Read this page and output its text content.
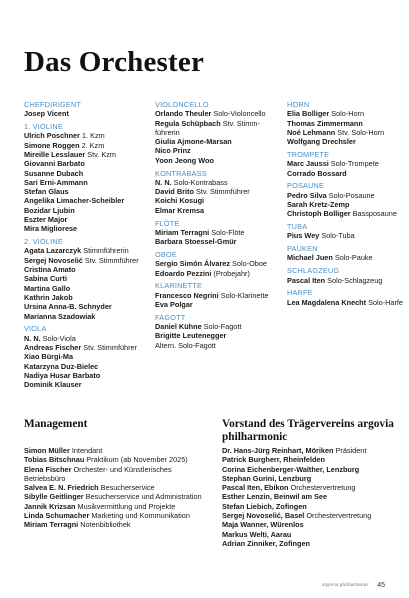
Das Orchester
CHEFDIRIGENT
Josep Vicent
1. VIOLINE
Ulrich Poschner 1. Kzm
Simone Roggen 2. Kzm
Mireille Lesslauer Stv. Kzm
Giovanni Barbato
Susanne Dubach
Sari Erni-Ammann
Stefan Glaus
Angelika Limacher-Scheibler
Bozidar Ljubin
Eszter Major
Mira Migliorese
2. VIOLINE
Agata Lazarczyk Stimmführerin
Sergej Novoselić Stv. Stimmführer
Cristina Amato
Sabina Curti
Martina Gallo
Kathrin Jakob
Ursina Anna-B. Schnyder
Marianna Szadowiak
VIOLA
N. N. Solo-Viola
Andreas Fischer Stv. Stimmführer
Xiao Bürgi-Ma
Katarzyna Duz-Bielec
Nadiya Husar Barbato
Dominik Klauser
VIOLONCELLO
Orlando Theuler Solo-Violoncello
Regula Schüpbach Stv. Stimmführerin
Giulia Ajmone-Marsan
Nico Prinz
Yoon Jeong Woo
KONTRABASS
N. N. Solo-Kontrabass
David Brito Stv. Stimmführer
Koichi Kosugi
Elmar Kremsa
FLÖTE
Miriam Terragni Solo-Flöte
Barbara Stoessel-Gmür
OBOE
Sergio Simón Álvarez Solo-Oboe
Edoardo Pezzini (Probejahr)
KLARINETTE
Francesco Negrini Solo-Klarinette
Eva Polgar
FAGOTT
Daniel Kühne Solo-Fagott
Brigitte Leutenegger
Altern. Solo-Fagott
HORN
Elia Bolliger Solo-Horn
Thomas Zimmermann
Noé Lehmann Stv. Solo-Horn
Wolfgang Drechsler
TROMPETE
Marc Jaussi Solo-Trompete
Corrado Bossard
POSAUNE
Pedro Silva Solo-Posaune
Sarah Kretz-Zemp
Christoph Bolliger Bassposaune
TUBA
Pius Wey Solo-Tuba
PAUKEN
Michael Juen Solo-Pauke
SCHLAGZEUG
Pascal Iten Solo-Schlagzeug
HARFE
Lea Magdalena Knecht Solo-Harfe
Management
Simon Müller Intendant
Tobias Bitschnau Praktikum (ab November 2025)
Elena Fischer Orchester- und Künstlerisches Betriebsbüro
Salvea E. N. Friedrich Besucherservice
Sibylle Geitlinger Besucherservice und Administration
Jannik Krizsan Musikvermittlung und Projekte
Linda Schumacher Marketing und Kommunikation
Miriam Terragni Notenbibliothek
Vorstand des Trägervereins argovia philharmonic
Dr. Hans-Jürg Reinhart, Möriken Präsident
Patrick Burgherr, Rheinfelden
Corina Eichenberger-Walther, Lenzburg
Stephan Gurini, Lenzburg
Pascal Iten, Ebikon Orchestervertretung
Esther Lenzin, Beinwil am See
Stefan Liebich, Zofingen
Sergej Novoselić, Basel Orchestervertretung
Maja Wanner, Würenlos
Markus Welti, Aarau
Adrian Zinniker, Zofingen
argovia philharmonic 45
